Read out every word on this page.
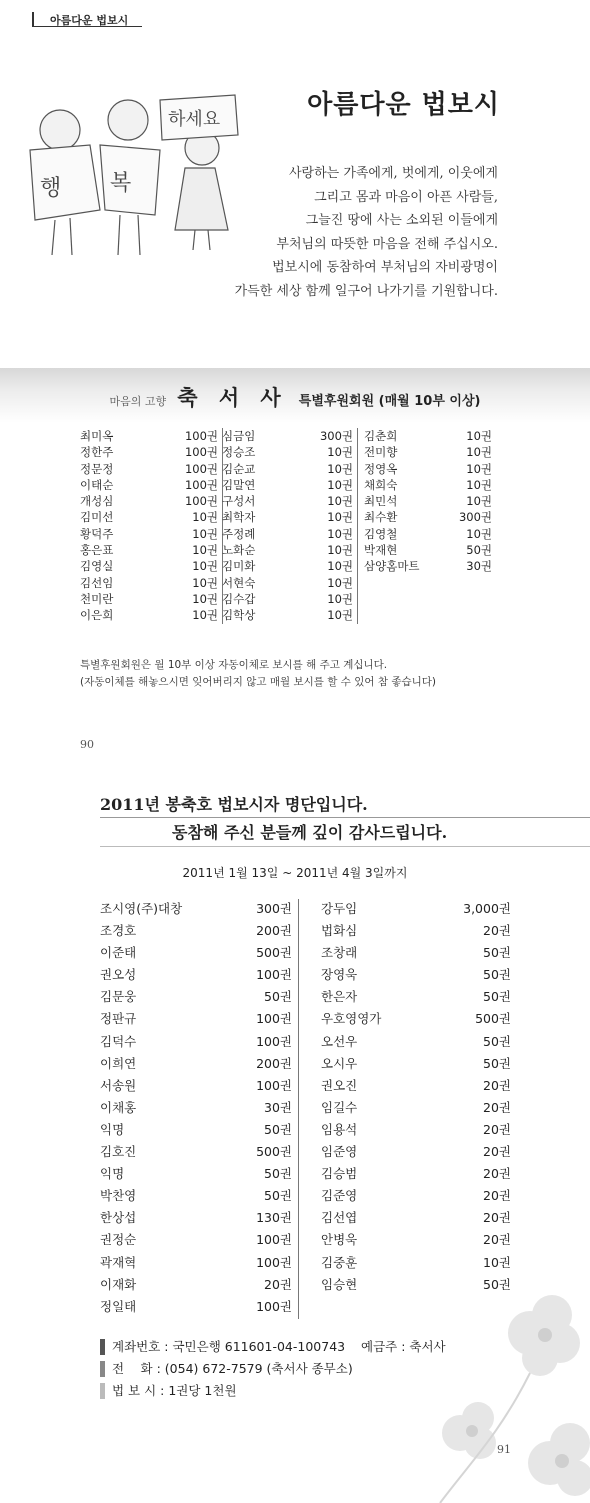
아름다운 법보시
행 복
하세요	아름다운 법보시
사랑하는 가족에게, 벗에게, 이웃에게
그리고 몸과 마음이 아픈 사람들,
그늘진 땅에 사는 소외된 이들에게
부처님의 따뜻한 마음을 전해 주십시오.
법보시에 동참하여 부처님의 자비광명이
가득한 세상 함께 일구어 나가기를 기원합니다.
마음의 고향 축 서 사 특별후원회원 (매월 10부 이상)
최미옥	100권
정한주	100권
정문정	100권
이태순	100권
개성심	100권
김미선	10권
황덕주	10권
홍은표	10권
김영실	10권
김선임	10권
천미란	10권
이은희	10권
심금임	300권
정승조	10권
김순교	10권
김말연	10권
구성서	10권
최학자	10권
주정례	10권
노화순	10권
김미화	10권
서현숙	10권
김수갑	10권
김학상	10권
김춘희	10권
전미향	10권
정영옥	10권
채희숙	10권
최민석	10권
최수환	300권
김영철	10권
박재현	50권
삼양홈마트	30권
특별후원회원은 월 10부 이상 자동이체로 보시를 해 주고 계십니다.
(자동이체를 해놓으시면 잊어버리지 않고 매월 보시를 할 수 있어 참 좋습니다)
90
2011년 봉축호 법보시자 명단입니다.
동참해 주신 분들께 깊이 감사드립니다.
2011년 1월 13일 ~ 2011년 4월 3일까지
조시영(주)대창	300권
조경호	200권
이준태	500권
권오성	100권
김문웅	50권
정판규	100권
김덕수	100권
이희연	200권
서송원	100권
이채홍	30권
익명	50권
김호진	500권
익명	50권
박찬영	50권
한상섭	130권
권정순	100권
곽재혁	100권
이재화	20권
정일태	100권
강두임	3,000권
법화심	20권
조창래	50권
장영욱	50권
한은자	50권
우호영영가	500권
오선우	50권
오시우	50권
권오진	20권
임길수	20권
임용석	20권
임준영	20권
김승범	20권
김준영	20권
김선엽	20권
안병욱	20권
김중훈	10권
임승현	50권
계좌번호 : 국민은행 611601-04-100743 예금주 : 축서사
전　 화 : (054) 672-7579 (축서사 종무소)
법 보 시 : 1권당 1천원
91
